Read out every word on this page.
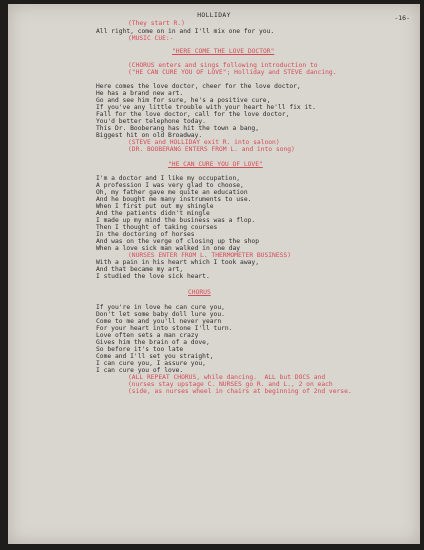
-16-
HOLLIDAY
(They start R.)
All right, come on in and I'll mix one for you.
(MUSIC CUE:-
"HERE COME THE LOVE DOCTOR"
(CHORUS enters and sings following introduction to
("HE CAN CURE YOU OF LOVE"; Holliday and STEVE dancing.
Here comes the love doctor, cheer for the love doctor,
He has a brand new art.
Go and see him for sure, he's a positive cure,
If you've any little trouble with your heart he'll fix it.
Fall for the love doctor, call for the love doctor,
You'd better telephone today.
This Dr. Booberang has hit the town a bang,
Biggest hit on old Broadway.
(STEVE and HOLLIDAY exit R. into saloon)
(DR. BOOBERANG ENTERS FROM L. and into song)
"HE CAN CURE YOU OF LOVE"
I'm a doctor and I like my occupation,
A profession I was very glad to choose,
Oh, my father gave me quite an education
And he bought me many instruments to use.
When I first put out my shingle
And the patients didn't mingle
I made up my mind the business was a flop.
Then I thought of taking courses
In the doctoring of horses
And was on the verge of closing up the shop
When a love sick man walked in one day
(NURSES ENTER FROM L. THERMOMETER BUSINESS)
With a pain in his heart which I took away,
And that became my art,
I studied the love sick heart.
CHORUS
If you're in love he can cure you,
Don't let some baby doll lure you.
Come to me and you'll never yearn
For your heart into stone I'll turn.
Love often sets a man crazy
Gives him the brain of a dove,
So before it's too late
Come and I'll set you straight,
I can cure you, I assure you,
I can cure you of love.
(ALL REPEAT CHORUS, while dancing.  ALL but DOCS and
(nurses stay upstage C. NURSES go R. and L., 2 on each
(side, as nurses wheel in chairs at beginning of 2nd verse.
